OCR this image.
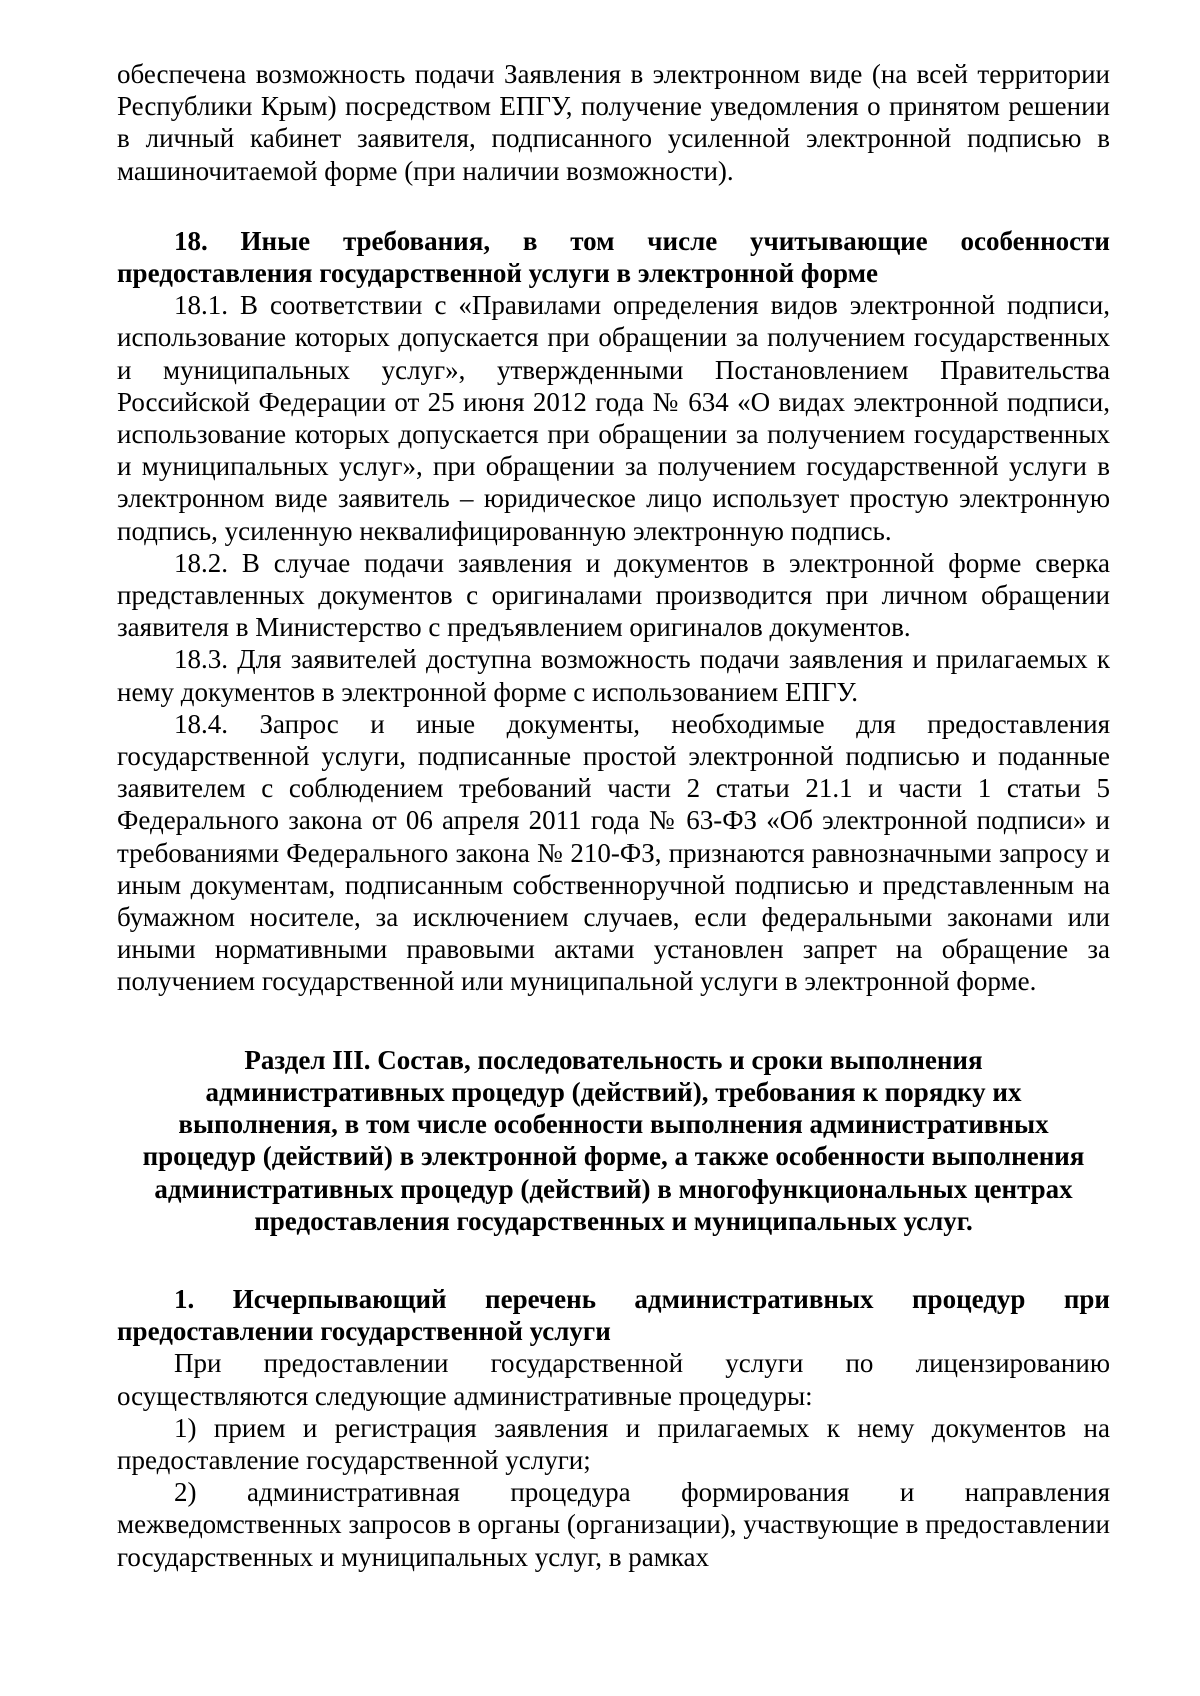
обеспечена возможность подачи Заявления в электронном виде (на всей территории Республики Крым) посредством ЕПГУ, получение уведомления о принятом решении в личный кабинет заявителя, подписанного усиленной электронной подписью в машиночитаемой форме (при наличии возможности).

18. Иные требования, в том числе учитывающие особенности предоставления государственной услуги в электронной форме

18.1. В соответствии с «Правилами определения видов электронной подписи, использование которых допускается при обращении за получением государственных и муниципальных услуг», утвержденными Постановлением Правительства Российской Федерации от 25 июня 2012 года № 634 «О видах электронной подписи, использование которых допускается при обращении за получением государственных и муниципальных услуг», при обращении за получением государственной услуги в электронном виде заявитель – юридическое лицо использует простую электронную подпись, усиленную неквалифицированную электронную подпись.

18.2. В случае подачи заявления и документов в электронной форме сверка представленных документов с оригиналами производится при личном обращении заявителя в Министерство с предъявлением оригиналов документов.

18.3. Для заявителей доступна возможность подачи заявления и прилагаемых к нему документов в электронной форме с использованием ЕПГУ.

18.4. Запрос и иные документы, необходимые для предоставления государственной услуги, подписанные простой электронной подписью и поданные заявителем с соблюдением требований части 2 статьи 21.1 и части 1 статьи 5 Федерального закона от 06 апреля 2011 года № 63-ФЗ «Об электронной подписи» и требованиями Федерального закона № 210-ФЗ, признаются равнозначными запросу и иным документам, подписанным собственноручной подписью и представленным на бумажном носителе, за исключением случаев, если федеральными законами или иными нормативными правовыми актами установлен запрет на обращение за получением государственной или муниципальной услуги в электронной форме.

Раздел III. Состав, последовательность и сроки выполнения административных процедур (действий), требования к порядку их выполнения, в том числе особенности выполнения административных процедур (действий) в электронной форме, а также особенности выполнения административных процедур (действий) в многофункциональных центрах предоставления государственных и муниципальных услуг.

1. Исчерпывающий перечень административных процедур при предоставлении государственной услуги

При предоставлении государственной услуги по лицензированию осуществляются следующие административные процедуры:

1) прием и регистрация заявления и прилагаемых к нему документов на предоставление государственной услуги;

2) административная процедура формирования и направления межведомственных запросов в органы (организации), участвующие в предоставлении государственных и муниципальных услуг, в рамках
